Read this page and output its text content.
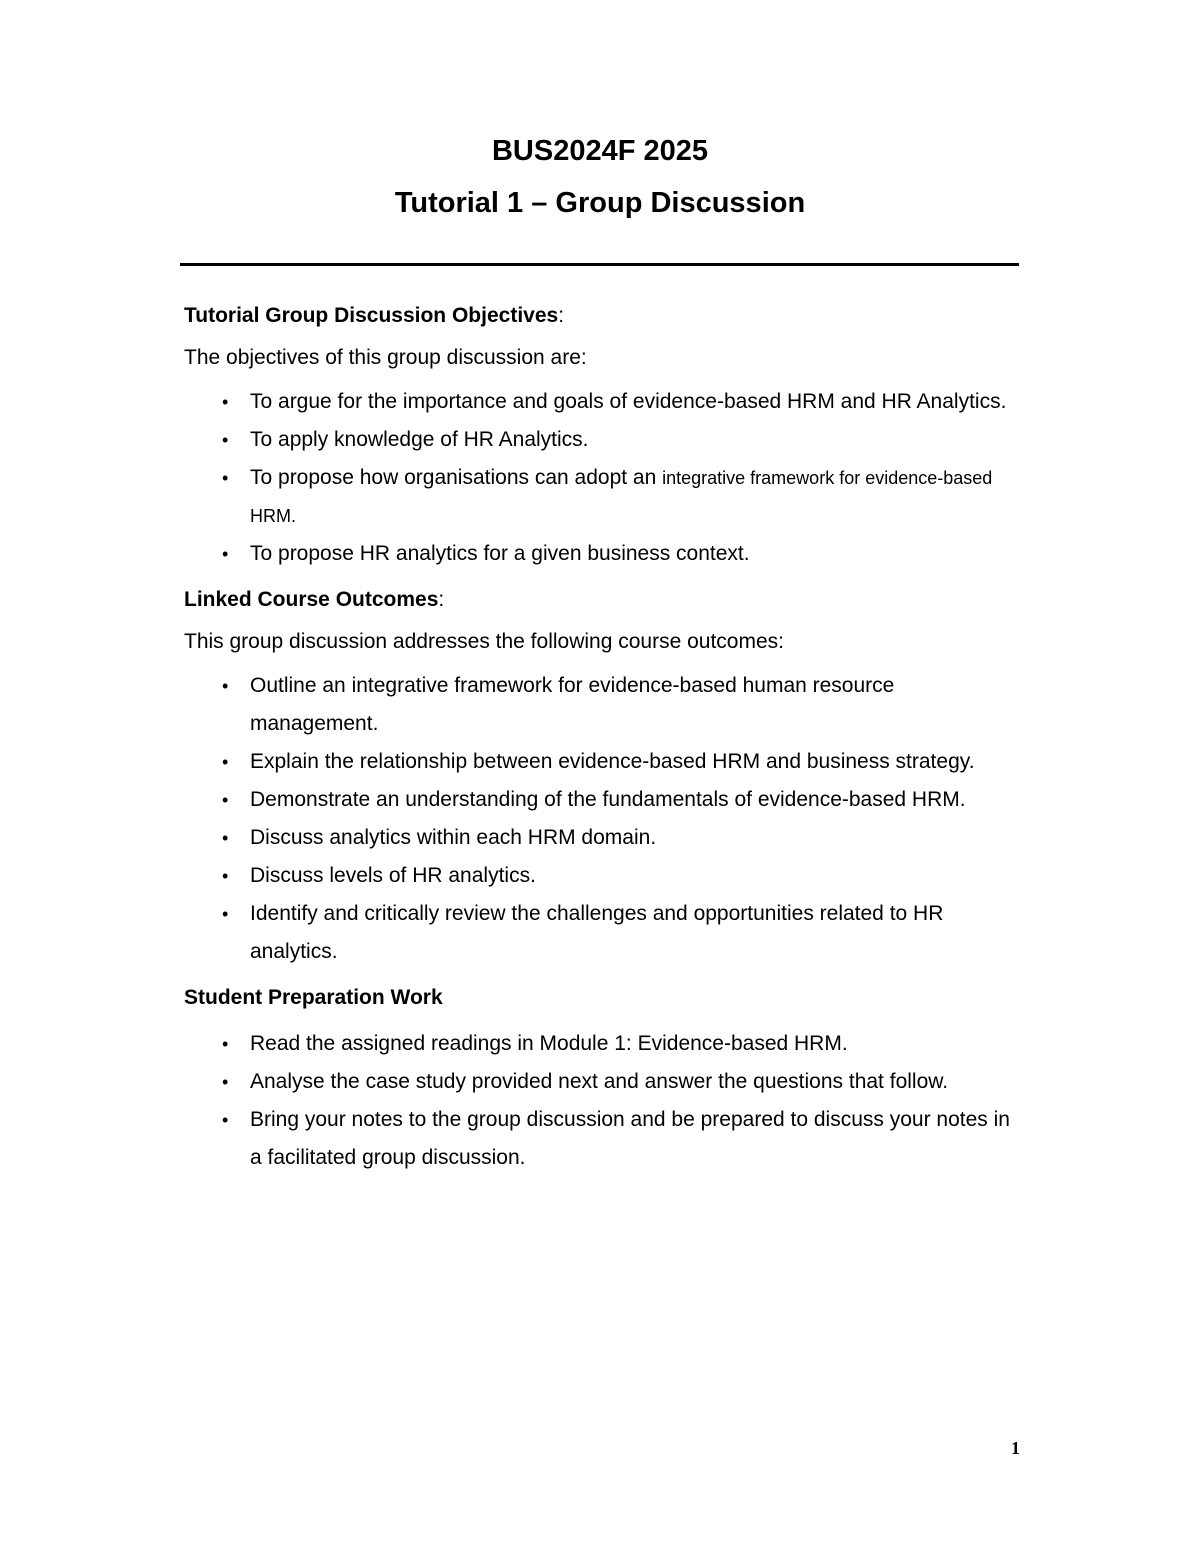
BUS2024F 2025

Tutorial 1 – Group Discussion

Tutorial Group Discussion Objectives:

The objectives of this group discussion are:

• To argue for the importance and goals of evidence-based HRM and HR Analytics.
• To apply knowledge of HR Analytics.
• To propose how organisations can adopt an integrative framework for evidence-based HRM.
• To propose HR analytics for a given business context.

Linked Course Outcomes:

This group discussion addresses the following course outcomes:

• Outline an integrative framework for evidence-based human resource management.
• Explain the relationship between evidence-based HRM and business strategy.
• Demonstrate an understanding of the fundamentals of evidence-based HRM.
• Discuss analytics within each HRM domain.
• Discuss levels of HR analytics.
• Identify and critically review the challenges and opportunities related to HR analytics.

Student Preparation Work

• Read the assigned readings in Module 1: Evidence-based HRM.
• Analyse the case study provided next and answer the questions that follow.
• Bring your notes to the group discussion and be prepared to discuss your notes in a facilitated group discussion.
1
